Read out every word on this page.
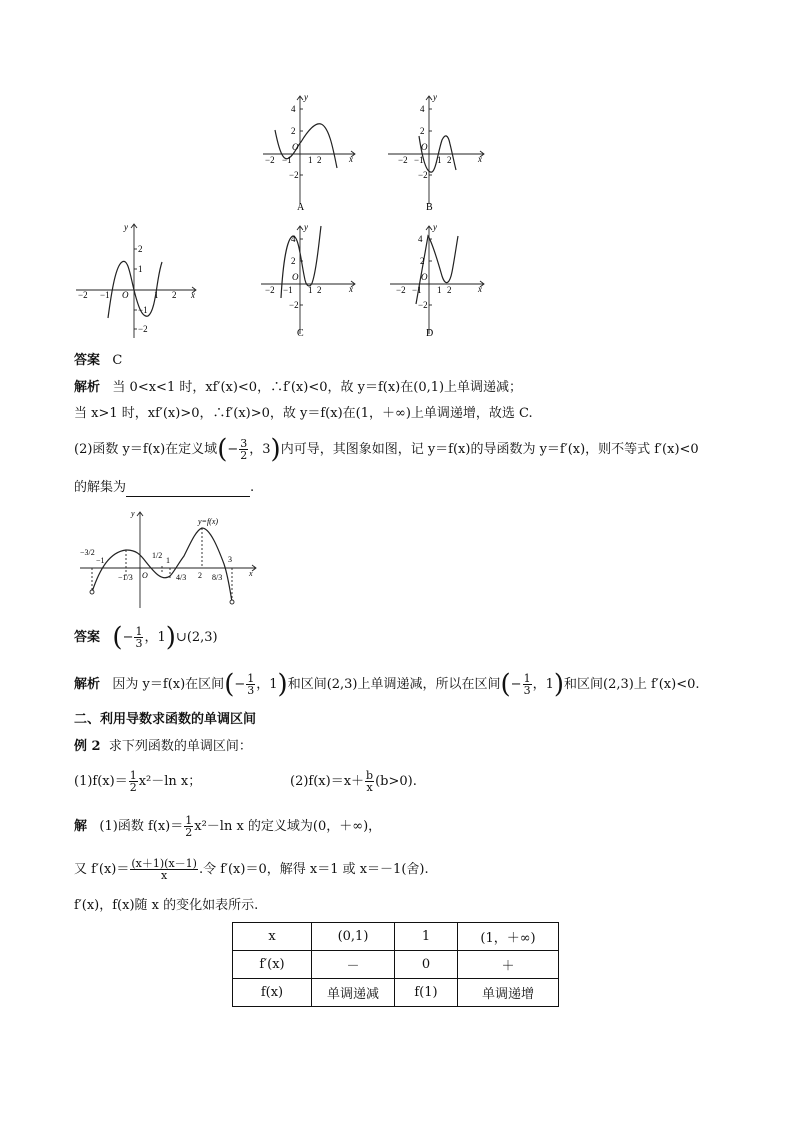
4
2
−2
−2 −1 1 2
O
x
y
A
4
2
−2
−2 −1 1 2
O
x
y
B
2
1
−1
−2
−2 −1	1 2
O	x
y
4
2
−2
−2 −1 1 2
O
x
y
C
4
2
−2
−2 −1 1 2
O
x
y
D
答案 C
解析 当 0<x<1 时，xf′(x)<0，∴f′(x)<0，故 y＝f(x)在(0,1)上单调递减；
当 x>1 时，xf′(x)>0，∴f′(x)>0，故 y＝f(x)在(1，＋∞)上单调递增，故选 C.
(2)函数 y＝f(x)在定义域(− $\frac{3}{2}$ ，3)内可导，其图象如图，记 y＝f(x)的导函数为 y＝f′(x)，则不等式 f′(x)<0
的解集为	.
y=f(x)
−3/2
−1
−1/3
1/2
1
4/3 2 8/3
3
O	x
y
答案 (− $\frac{1}{3}$ ，1)∪(2,3)
解析 因为 y＝f(x)在区间(− $\frac{1}{3}$ ，1)和区间(2,3)上单调递减，所以在区间(− $\frac{1}{3}$ ，1)和区间(2,3)上 f′(x)<0.
二、利用导数求函数的单调区间
例 2 求下列函数的单调区间：
$(1)f(x)= \frac{1}{2} x^2-\ln$ x；	$(2)f(x)=x+ \frac{b}{x} (b>0)$.
解 (1)函数 $f(x)= \frac{1}{2} x^2-\ln$ x 的定义域为(0，＋∞)，
又 $f'(x)= \frac{(x+1)(x-1)}{x}$ .令 f′(x)＝0，解得 x＝1 或 x＝－1(舍).
f′(x)，f(x)随 x 的变化如表所示.
x	(0,1)	1	(1，＋∞)
f′(x)	－	0	＋
f(x)	单调递减	f(1)	单调递增
